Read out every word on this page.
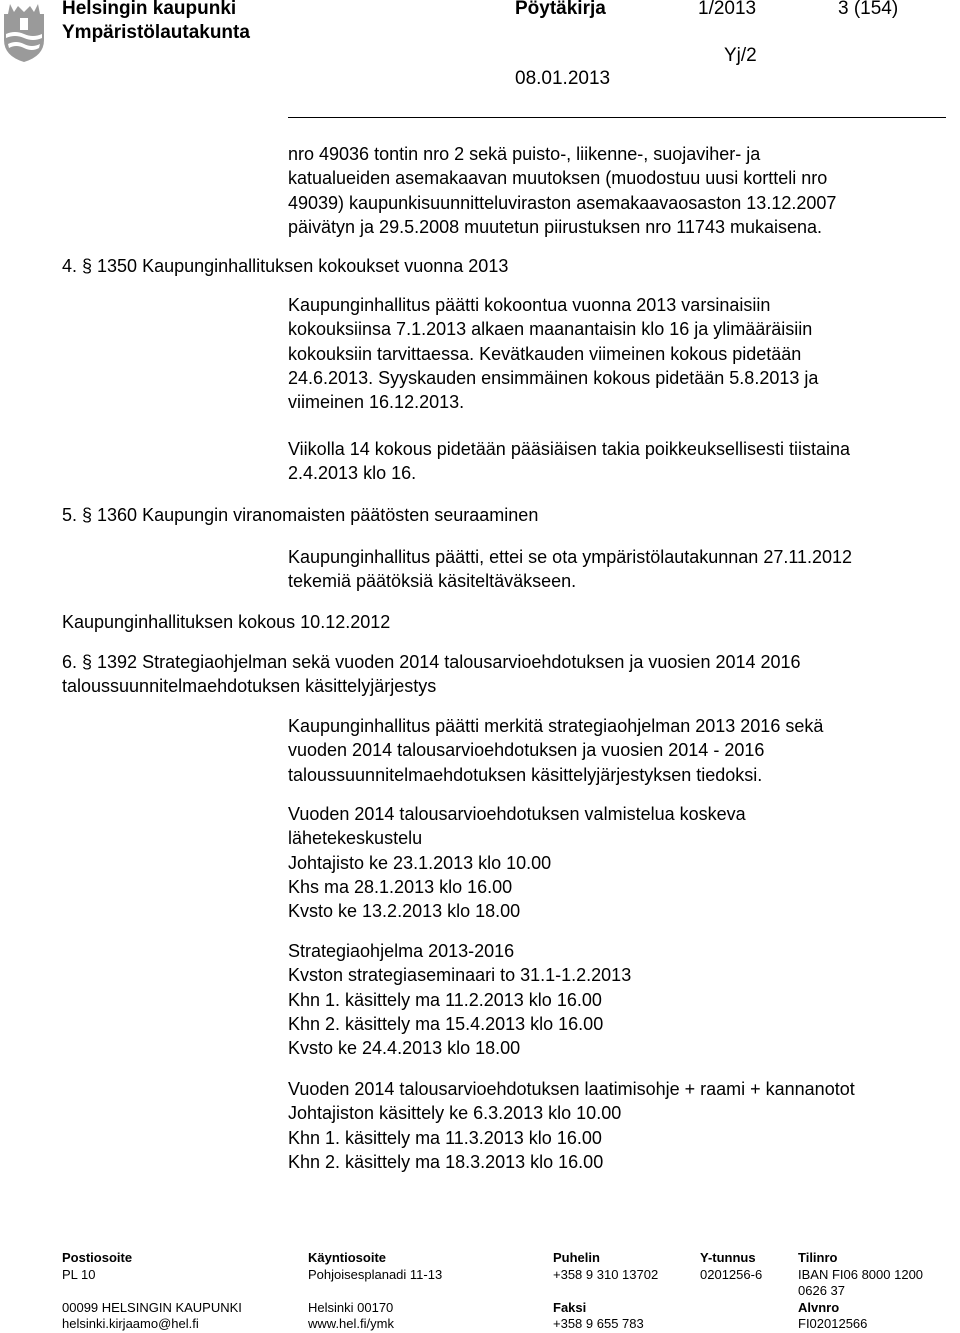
Helsingin kaupunki
Ympäristölautakunta
Pöytäkirja	1/2013	3 (154)
Yj/2
08.01.2013
nro 49036 tontin nro 2 sekä puisto-, liikenne-, suojaviher- ja
katualueiden asemakaavan muutoksen (muodostuu uusi kortteli nro
49039) kaupunkisuunnitteluviraston asemakaavaosaston 13.12.2007
päivätyn ja 29.5.2008 muutetun piirustuksen nro 11743 mukaisena.
4. § 1350 Kaupunginhallituksen kokoukset vuonna 2013
Kaupunginhallitus päätti kokoontua vuonna 2013 varsinaisiin
kokouksiinsa 7.1.2013 alkaen maanantaisin klo 16 ja ylimääräisiin
kokouksiin tarvittaessa. Kevätkauden viimeinen kokous pidetään
24.6.2013. Syyskauden ensimmäinen kokous pidetään 5.8.2013 ja
viimeinen 16.12.2013.
Viikolla 14 kokous pidetään pääsiäisen takia poikkeuksellisesti tiistaina
2.4.2013 klo 16.
5. § 1360 Kaupungin viranomaisten päätösten seuraaminen
Kaupunginhallitus päätti, ettei se ota ympäristölautakunnan 27.11.2012
tekemiä päätöksiä käsiteltäväkseen.
Kaupunginhallituksen kokous 10.12.2012
6. § 1392 Strategiaohjelman sekä vuoden 2014 talousarvioehdotuksen ja vuosien 2014 2016
taloussuunnitelmaehdotuksen käsittelyjärjestys
Kaupunginhallitus päätti merkitä strategiaohjelman 2013 2016 sekä
vuoden 2014 talousarvioehdotuksen ja vuosien 2014 - 2016
taloussuunnitelmaehdotuksen käsittelyjärjestyksen tiedoksi.
Vuoden 2014 talousarvioehdotuksen valmistelua koskeva
lähetekeskustelu
Johtajisto ke 23.1.2013 klo 10.00
Khs ma 28.1.2013 klo 16.00
Kvsto ke 13.2.2013 klo 18.00
Strategiaohjelma 2013-2016
Kvston strategiaseminaari to 31.1-1.2.2013
Khn 1. käsittely ma 11.2.2013 klo 16.00
Khn 2. käsittely ma 15.4.2013 klo 16.00
Kvsto ke 24.4.2013 klo 18.00
Vuoden 2014 talousarvioehdotuksen laatimisohje + raami + kannanotot
Johtajiston käsittely ke 6.3.2013 klo 10.00
Khn 1. käsittely ma 11.3.2013 klo 16.00
Khn 2. käsittely ma 18.3.2013 klo 16.00
Postiosoite
PL 10
00099 HELSINGIN KAUPUNKI
helsinki.kirjaamo@hel.fi
Käyntiosoite
Pohjoisesplanadi 11-13
Helsinki 00170
www.hel.fi/ymk
Puhelin
+358 9 310 13702
Faksi
+358 9 655 783
Y-tunnus
0201256-6
Tilinro
IBAN FI06 8000 1200
0626 37
Alvnro
FI02012566
